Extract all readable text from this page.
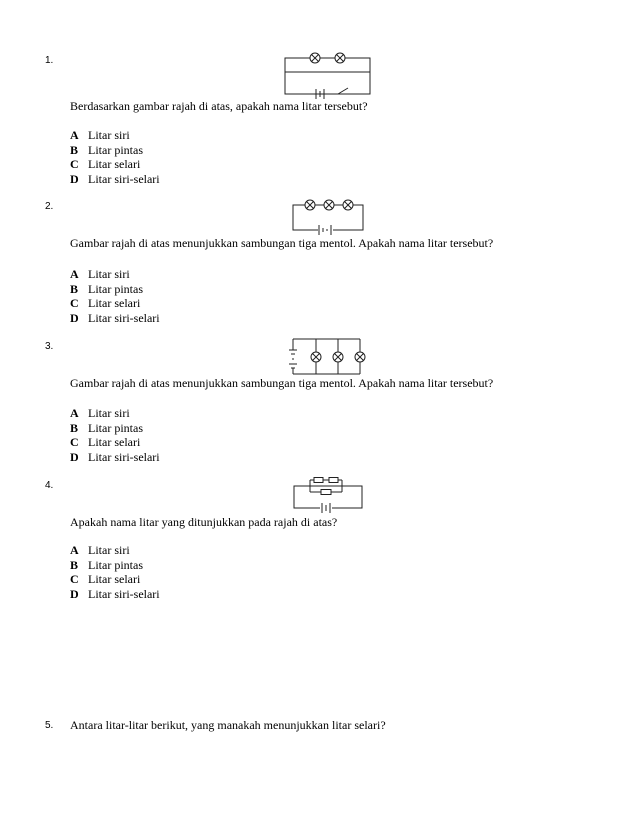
1.
Berdasarkan gambar rajah di atas, apakah nama litar tersebut?
A Litar siri
B Litar pintas
C Litar selari
D Litar siri-selari
2.
Gambar rajah di atas menunjukkan sambungan tiga mentol. Apakah nama litar tersebut?
A Litar siri
B Litar pintas
C Litar selari
D Litar siri-selari
3.
Gambar rajah di atas menunjukkan sambungan tiga mentol. Apakah nama litar tersebut?
A Litar siri
B Litar pintas
C Litar selari
D Litar siri-selari
4.
Apakah nama litar yang ditunjukkan pada rajah di atas?
A Litar siri
B Litar pintas
C Litar selari
D Litar siri-selari
5. Antara litar-litar berikut, yang manakah menunjukkan litar selari?
